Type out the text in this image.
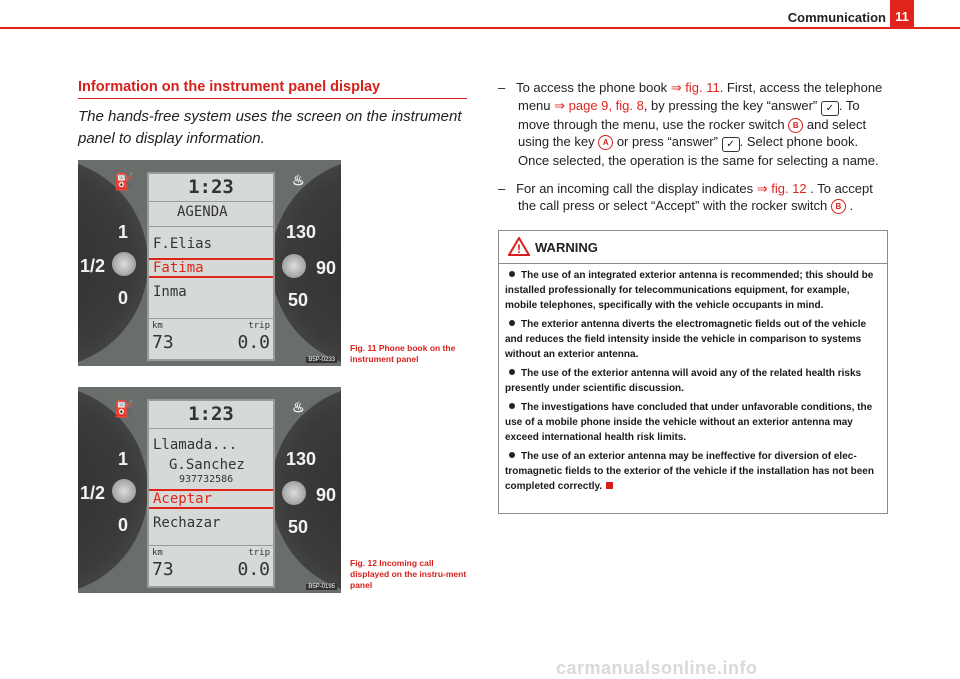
Communication 11
Information on the instrument panel display
The hands-free system uses the screen on the instrument panel to display information.
⛽
1
1/2
0
130
90
50
♨
1:23
AGENDA
F.Elias
Fatima
Inma
km	trip
73	0.0
B5P-0233
Fig. 11 Phone book on the instrument panel
⛽
1
1/2
0
130
90
50
♨
1:23
Llamada...
G.Sanchez
937732586
Aceptar
Rechazar
km	trip
73	0.0
B5P-0195
Fig. 12 Incoming call displayed on the instru-ment panel

– To access the phone book ⇒ fig. 11. First, access the telephone menu ⇒ page 9, fig. 8, by pressing the key “answer” ✓ . To move through the menu, use the rocker switch B and select using the key A or press “answer” ✓ . Select phone book. Once selected, the operation is the same for selecting a name.

– For an incoming call the display indicates ⇒ fig. 12 . To accept the call press or select “Accept” with the rocker switch B .

! WARNING
The use of an integrated exterior antenna is recommended; this should be installed professionally for telecommunications equipment, for example, mobile telephones, specifically with the vehicle occupants in mind.
The exterior antenna diverts the electromagnetic fields out of the vehicle and reduces the field intensity inside the vehicle in comparison to systems without an exterior antenna.
The use of the exterior antenna will avoid any of the related health risks presently under scientific discussion.
The investigations have concluded that under unfavorable conditions, the use of a mobile phone inside the vehicle without an exterior antenna may exceed international health risk limits.
The use of an exterior antenna may be ineffective for diversion of elec-tromagnetic fields to the exterior of the vehicle if the installation has not been completed correctly.
carmanualsonline.info
